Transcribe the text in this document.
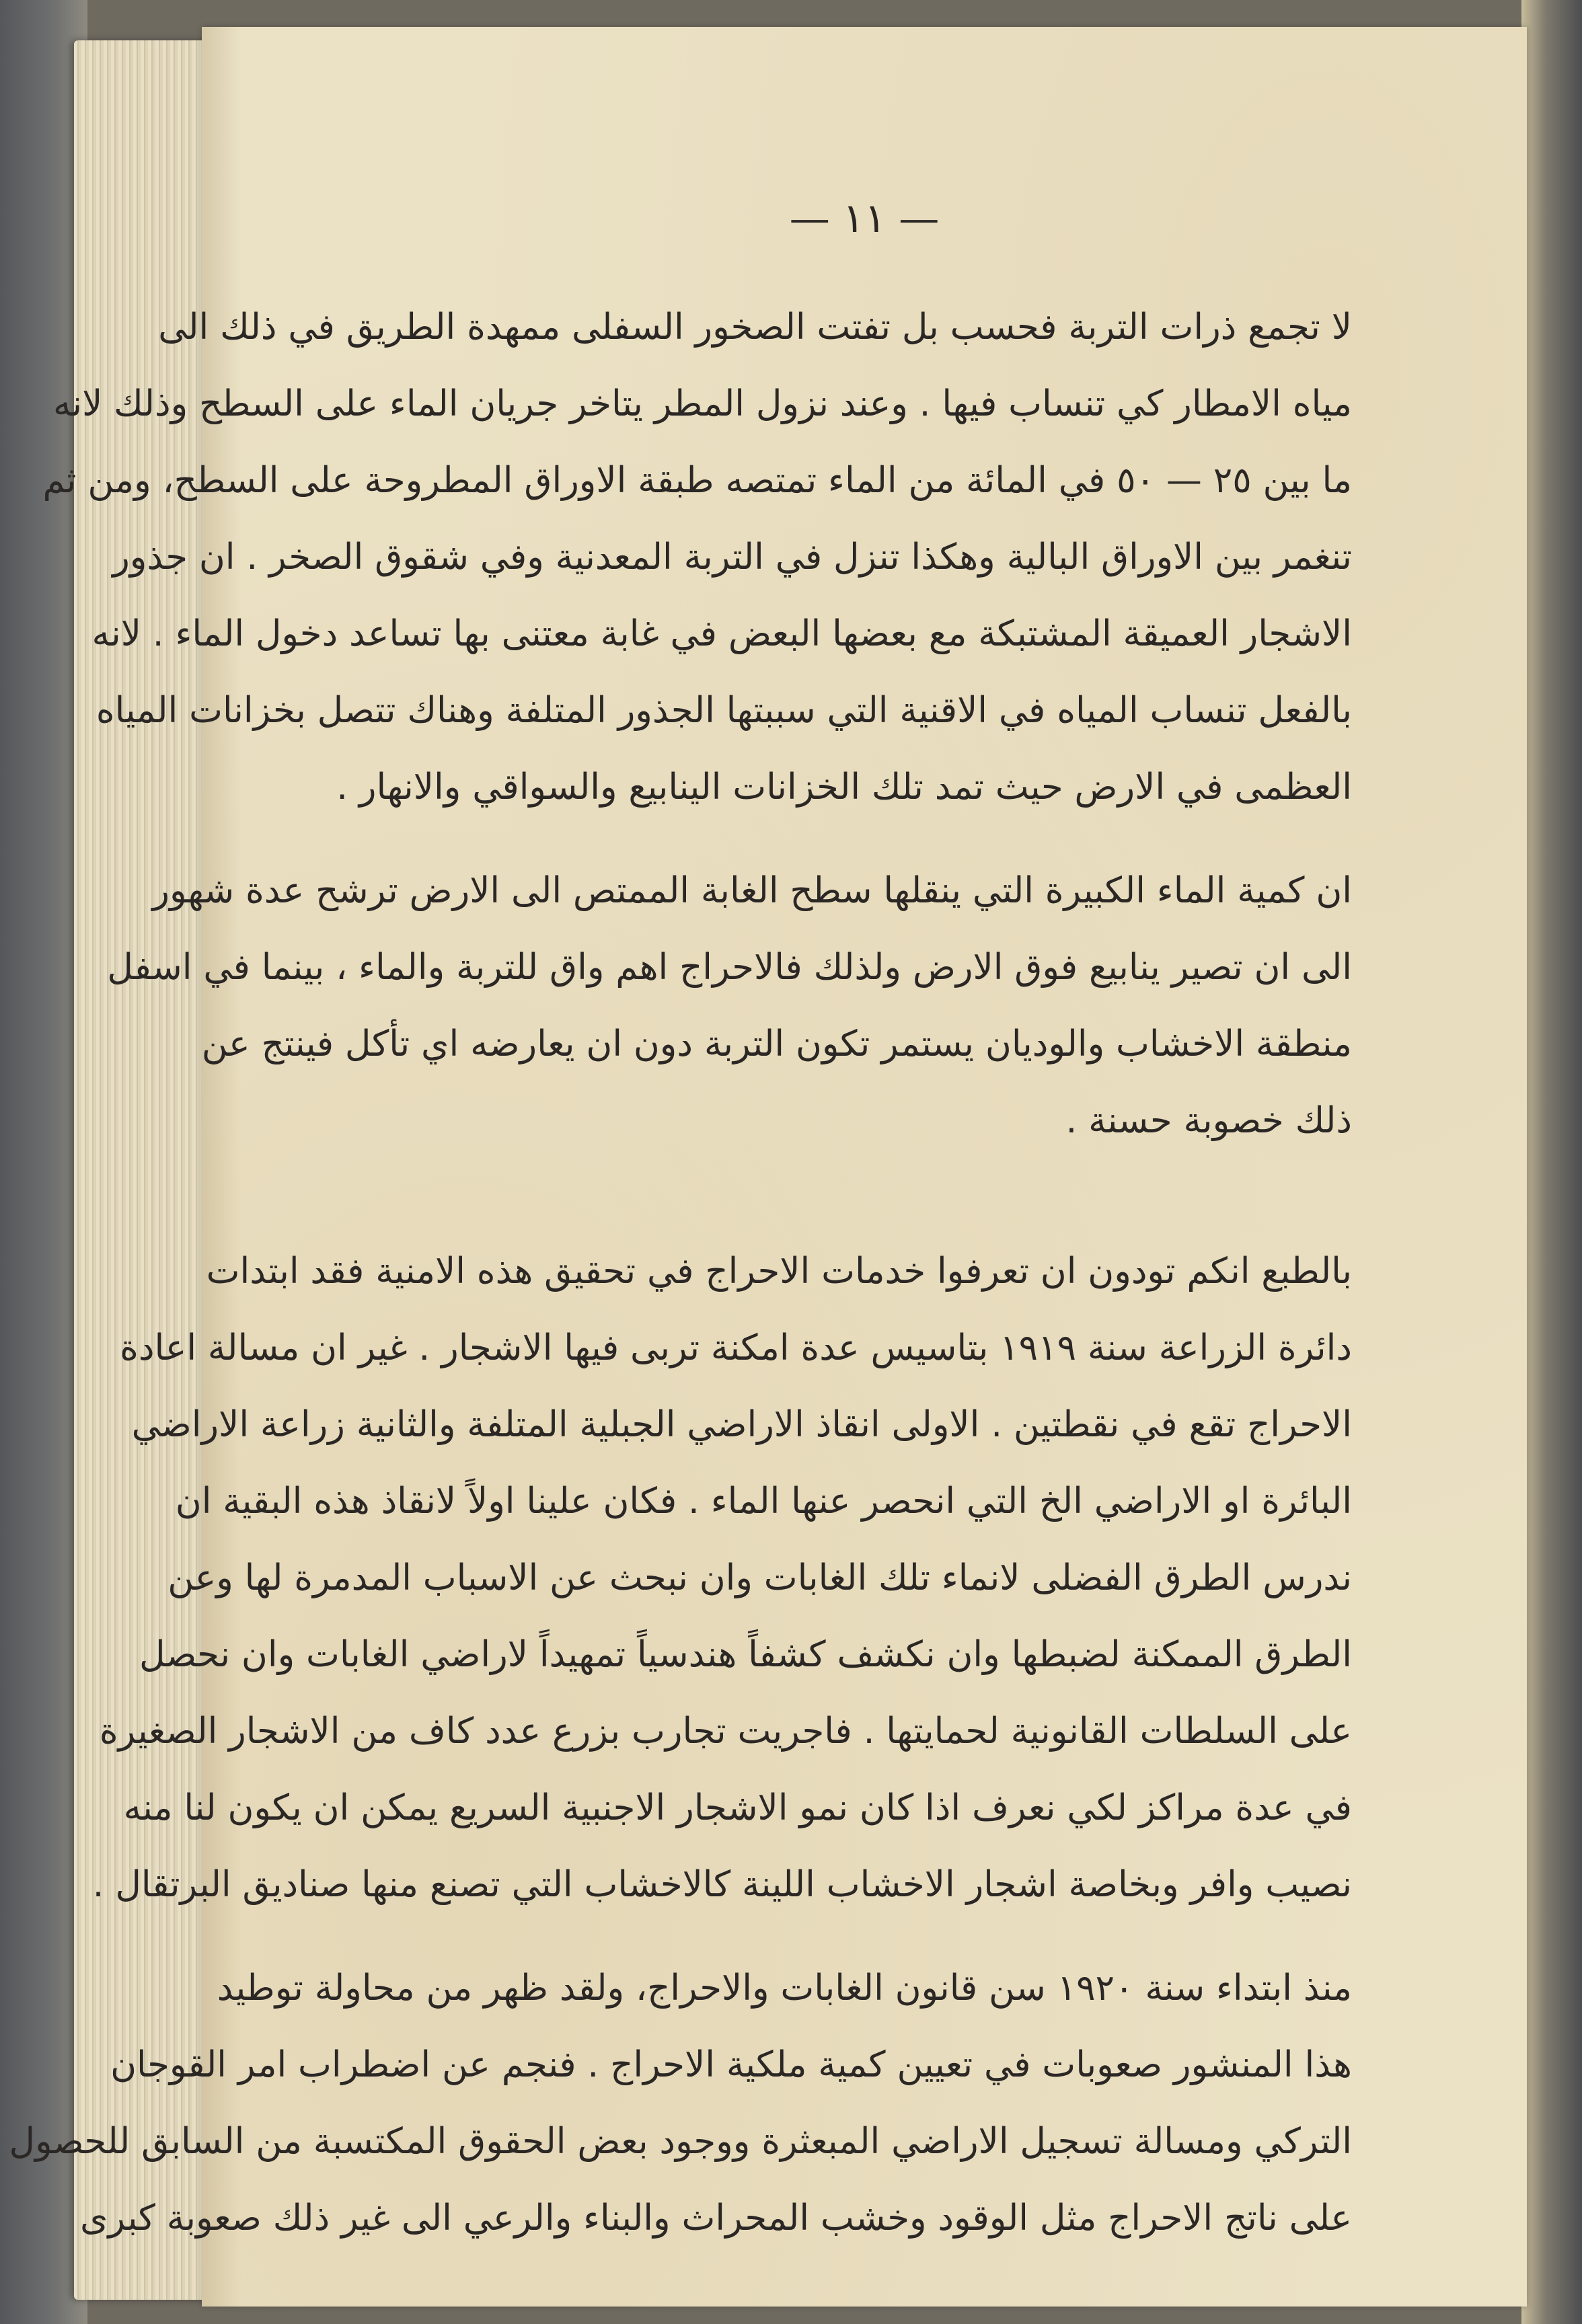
— ١١ —
لا تجمع ذرات التربة فحسب بل تفتت الصخور السفلى ممهدة الطريق في ذلك الى
مياه الامطار كي تنساب فيها . وعند نزول المطر يتاخر جريان الماء على السطح وذلك لانه
ما بين ٢٥ — ٥٠ في المائة من الماء تمتصه طبقة الاوراق المطروحة على السطح، ومن ثم
تنغمر بين الاوراق البالية وهكذا تنزل في التربة المعدنية وفي شقوق الصخر . ان جذور
الاشجار العميقة المشتبكة مع بعضها البعض في غابة معتنى بها تساعد دخول الماء . لانه
بالفعل تنساب المياه في الاقنية التي سببتها الجذور المتلفة وهناك تتصل بخزانات المياه
العظمى في الارض حيث تمد تلك الخزانات الينابيع والسواقي والانهار .
ان كمية الماء الكبيرة التي ينقلها سطح الغابة الممتص الى الارض ترشح عدة شهور
الى ان تصير ينابيع فوق الارض ولذلك فالاحراج اهم واق للتربة والماء ، بينما في اسفل
منطقة الاخشاب والوديان يستمر تكون التربة دون ان يعارضه اي تأكل فينتج عن
ذلك خصوبة حسنة .
بالطبع انكم تودون ان تعرفوا خدمات الاحراج في تحقيق هذه الامنية فقد ابتدات
دائرة الزراعة سنة ١٩١٩ بتاسيس عدة امكنة تربى فيها الاشجار . غير ان مسالة اعادة
الاحراج تقع في نقطتين . الاولى انقاذ الاراضي الجبلية المتلفة والثانية زراعة الاراضي
البائرة او الاراضي الخ التي انحصر عنها الماء . فكان علينا اولاً لانقاذ هذه البقية ان
ندرس الطرق الفضلى لانماء تلك الغابات وان نبحث عن الاسباب المدمرة لها وعن
الطرق الممكنة لضبطها وان نكشف كشفاً هندسياً تمهيداً لاراضي الغابات وان نحصل
على السلطات القانونية لحمايتها . فاجريت تجارب بزرع عدد كاف من الاشجار الصغيرة
في عدة مراكز لكي نعرف اذا كان نمو الاشجار الاجنبية السريع يمكن ان يكون لنا منه
نصيب وافر وبخاصة اشجار الاخشاب اللينة كالاخشاب التي تصنع منها صناديق البرتقال .
منذ ابتداء سنة ١٩٢٠ سن قانون الغابات والاحراج، ولقد ظهر من محاولة توطيد
هذا المنشور صعوبات في تعيين كمية ملكية الاحراج . فنجم عن اضطراب امر القوجان
التركي ومسالة تسجيل الاراضي المبعثرة ووجود بعض الحقوق المكتسبة من السابق للحصول
على ناتج الاحراج مثل الوقود وخشب المحراث والبناء والرعي الى غير ذلك صعوبة كبرى
